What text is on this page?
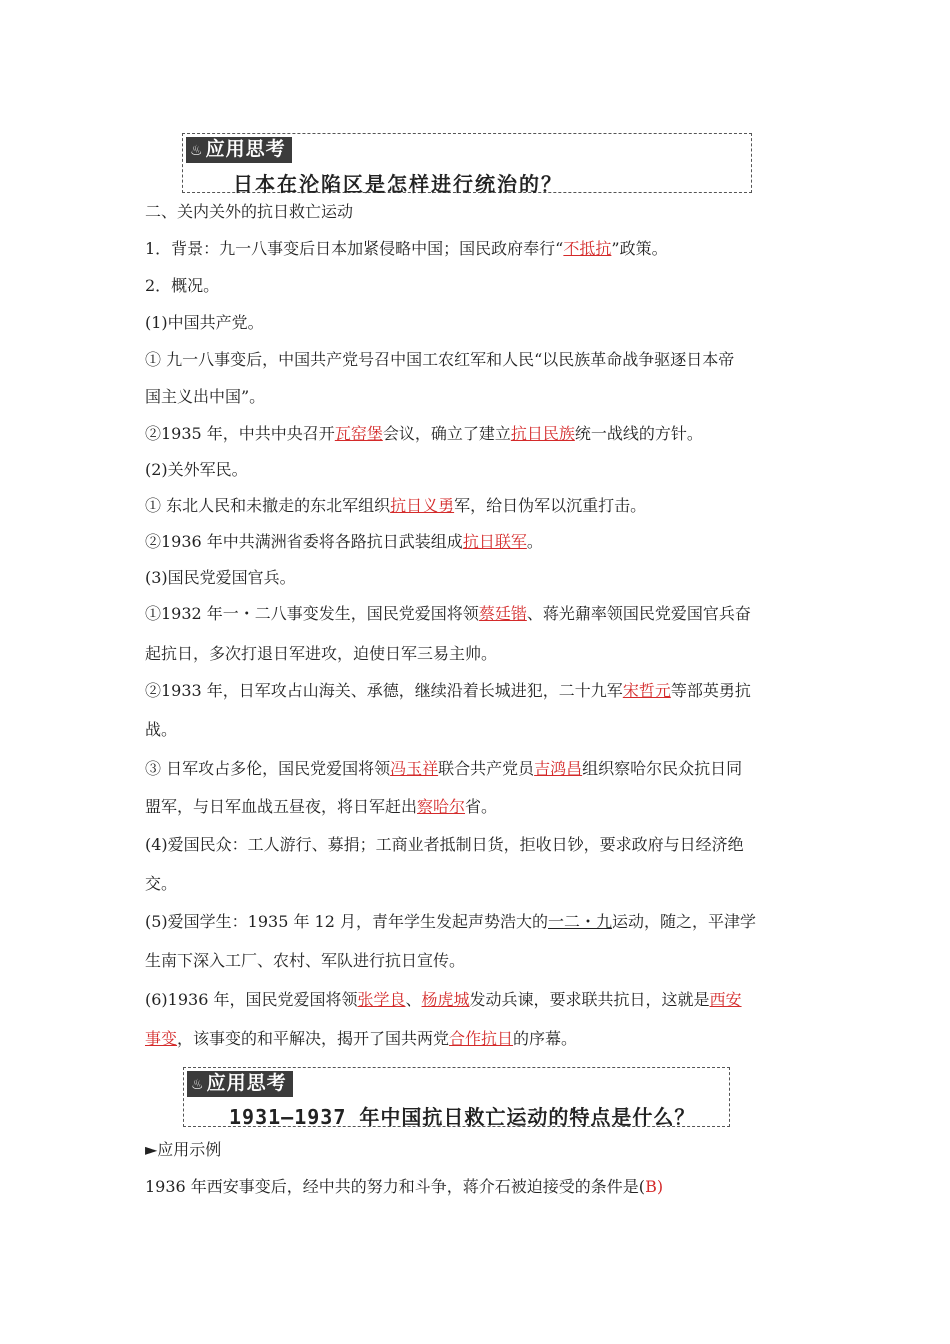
♨ 应用思考
日本在沦陷区是怎样进行统治的？
二、关内关外的抗日救亡运动
1．背景：九一八事变后日本加紧侵略中国；国民政府奉行“不抵抗”政策。
2．概况。
(1)中国共产党。
① 九一八事变后，中国共产党号召中国工农红军和人民“以民族革命战争驱逐日本帝
国主义出中国”。
②1935 年，中共中央召开瓦窑堡会议，确立了建立抗日民族统一战线的方针。
(2)关外军民。
① 东北人民和未撤走的东北军组织抗日义勇军，给日伪军以沉重打击。
②1936 年中共满洲省委将各路抗日武装组成抗日联军。
(3)国民党爱国官兵。
①1932 年一・二八事变发生，国民党爱国将领蔡廷锴、蒋光鼐率领国民党爱国官兵奋
起抗日，多次打退日军进攻，迫使日军三易主帅。
②1933 年，日军攻占山海关、承德，继续沿着长城进犯，二十九军宋哲元等部英勇抗
战。
③ 日军攻占多伦，国民党爱国将领冯玉祥联合共产党员吉鸿昌组织察哈尔民众抗日同
盟军，与日军血战五昼夜，将日军赶出察哈尔省。
(4)爱国民众：工人游行、募捐；工商业者抵制日货，拒收日钞，要求政府与日经济绝
交。
(5)爱国学生：1935 年 12 月，青年学生发起声势浩大的一二・九运动，随之，平津学
生南下深入工厂、农村、军队进行抗日宣传。
(6)1936 年，国民党爱国将领张学良、杨虎城发动兵谏，要求联共抗日，这就是西安
事变，该事变的和平解决，揭开了国共两党合作抗日的序幕。
♨ 应用思考
1931—1937 年中国抗日救亡运动的特点是什么？
►应用示例
1936 年西安事变后，经中共的努力和斗争，蒋介石被迫接受的条件是(B)
